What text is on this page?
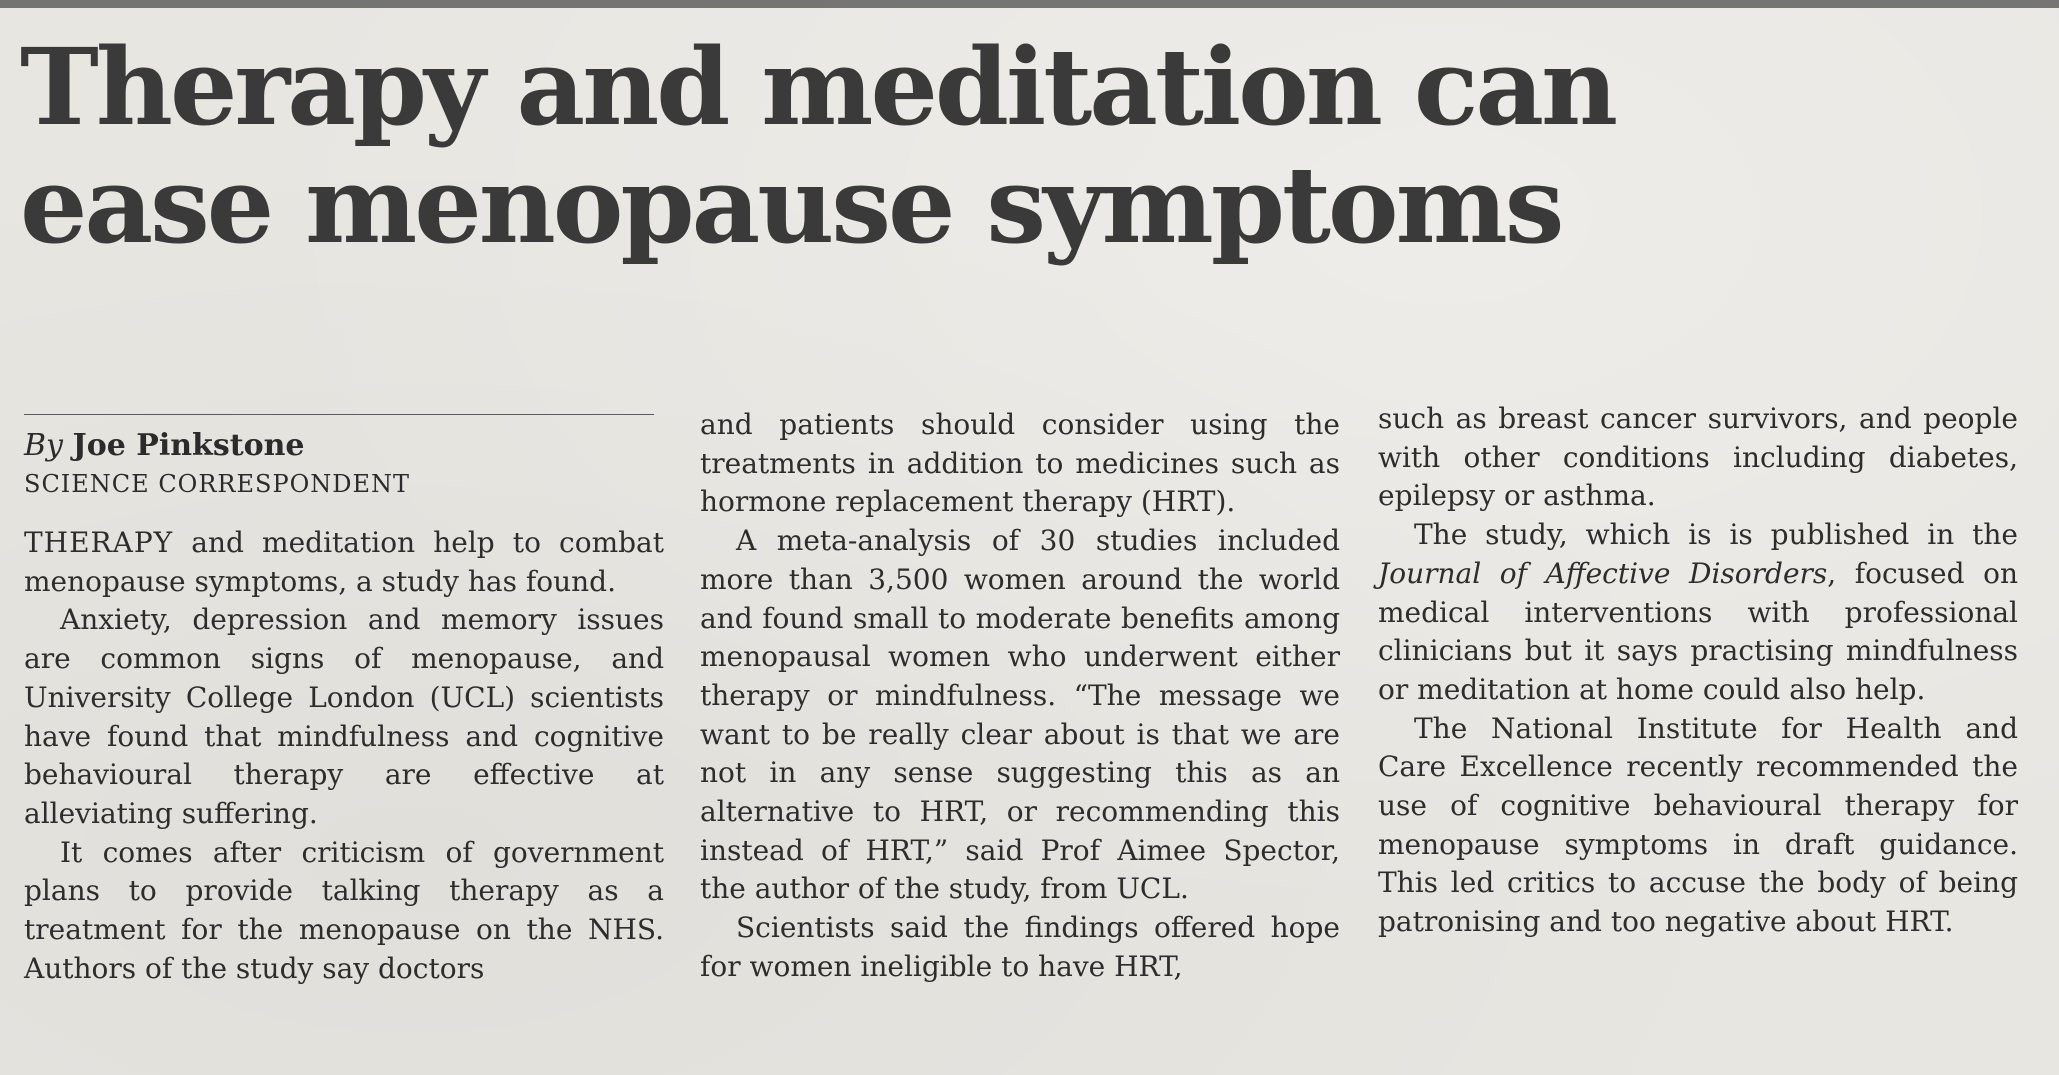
Therapy and meditation can
ease menopause symptoms

By Joe Pinkstone

SCIENCE CORRESPONDENT

THERAPY and meditation help to combat menopause symptoms, a study has found.

Anxiety, depression and memory issues are common signs of menopause, and University College London (UCL) scientists have found that mindfulness and cognitive behavioural therapy are effective at alleviating suffering.

It comes after criticism of government plans to provide talking therapy as a treatment for the menopause on the NHS. Authors of the study say doctors

and patients should consider using the treatments in addition to medicines such as hormone replacement therapy (HRT).

A meta-analysis of 30 studies included more than 3,500 women around the world and found small to moderate benefits among menopausal women who underwent either therapy or mindfulness. “The message we want to be really clear about is that we are not in any sense suggesting this as an alternative to HRT, or recommending this instead of HRT,” said Prof Aimee Spector, the author of the study, from UCL.

Scientists said the findings offered hope for women ineligible to have HRT,

such as breast cancer survivors, and people with other conditions including diabetes, epilepsy or asthma.

The study, which is is published in the Journal of Affective Disorders, focused on medical interventions with professional clinicians but it says practising mindfulness or meditation at home could also help.

The National Institute for Health and Care Excellence recently recommended the use of cognitive behavioural therapy for menopause symptoms in draft guidance. This led critics to accuse the body of being patronising and too negative about HRT.
